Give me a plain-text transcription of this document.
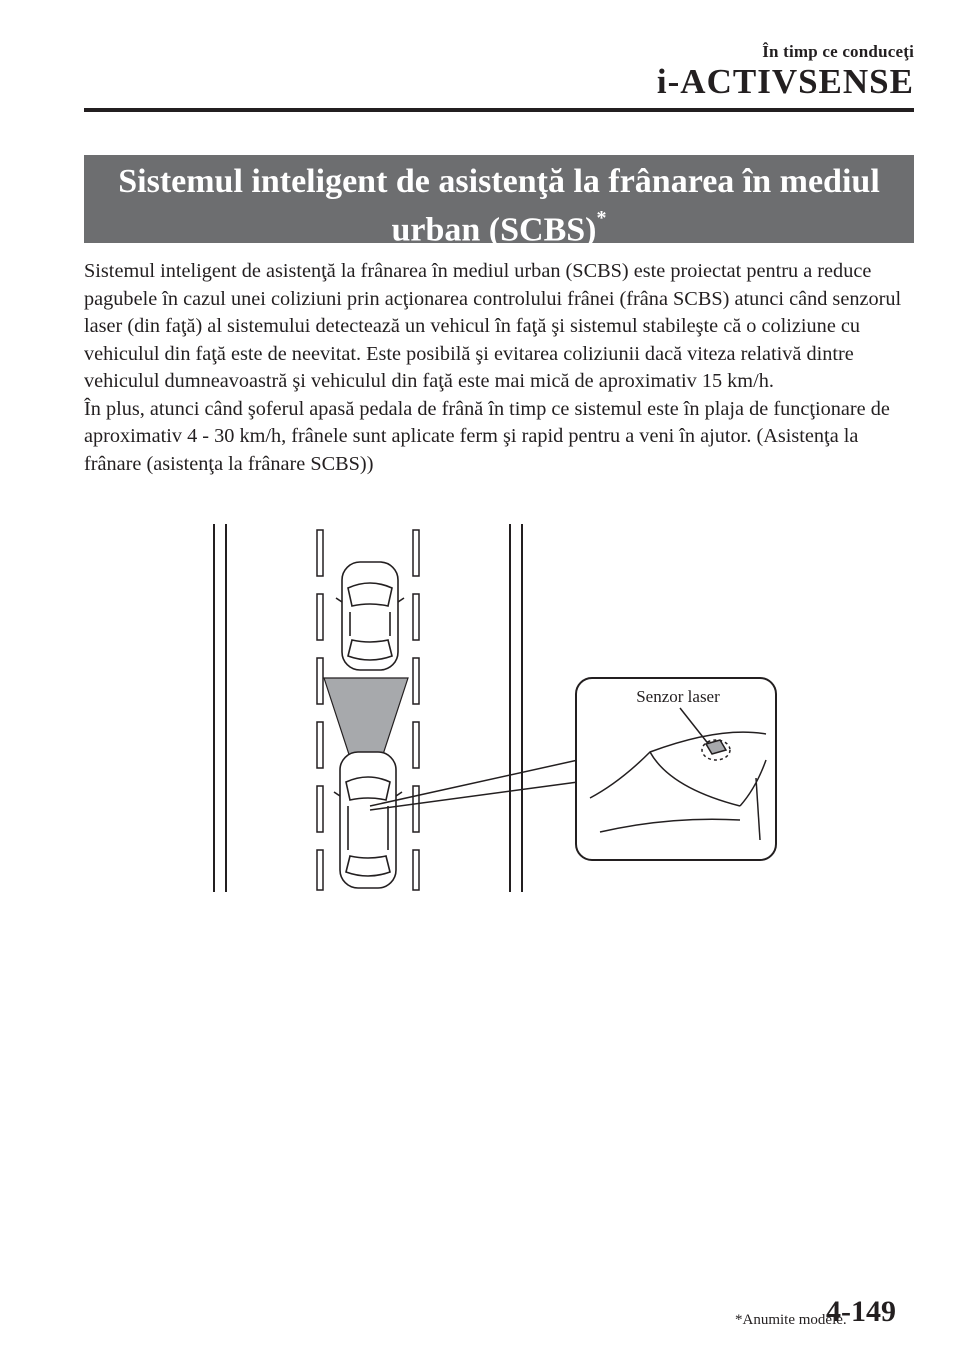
În timp ce conduceţi
i-ACTIVSENSE
Sistemul inteligent de asistenţă la frânarea în mediul urban (SCBS)*

Sistemul inteligent de asistenţă la frânarea în mediul urban (SCBS) este proiectat pentru a reduce pagubele în cazul unei coliziuni prin acţionarea controlului frânei (frâna SCBS) atunci când senzorul laser (din faţă) al sistemului detectează un vehicul în faţă şi sistemul stabileşte că o coliziune cu vehiculul din faţă este de neevitat. Este posibilă şi evitarea coliziunii dacă viteza relativă dintre vehiculul dumneavoastră şi vehiculul din faţă este mai mică de aproximativ 15 km/h.

În plus, atunci când şoferul apasă pedala de frână în timp ce sistemul este în plaja de funcţionare de aproximativ 4 - 30 km/h, frânele sunt aplicate ferm şi rapid pentru a veni în ajutor. (Asistenţa la frânare (asistenţa la frânare SCBS))

Senzor laser
*Anumite modele.
4-149
